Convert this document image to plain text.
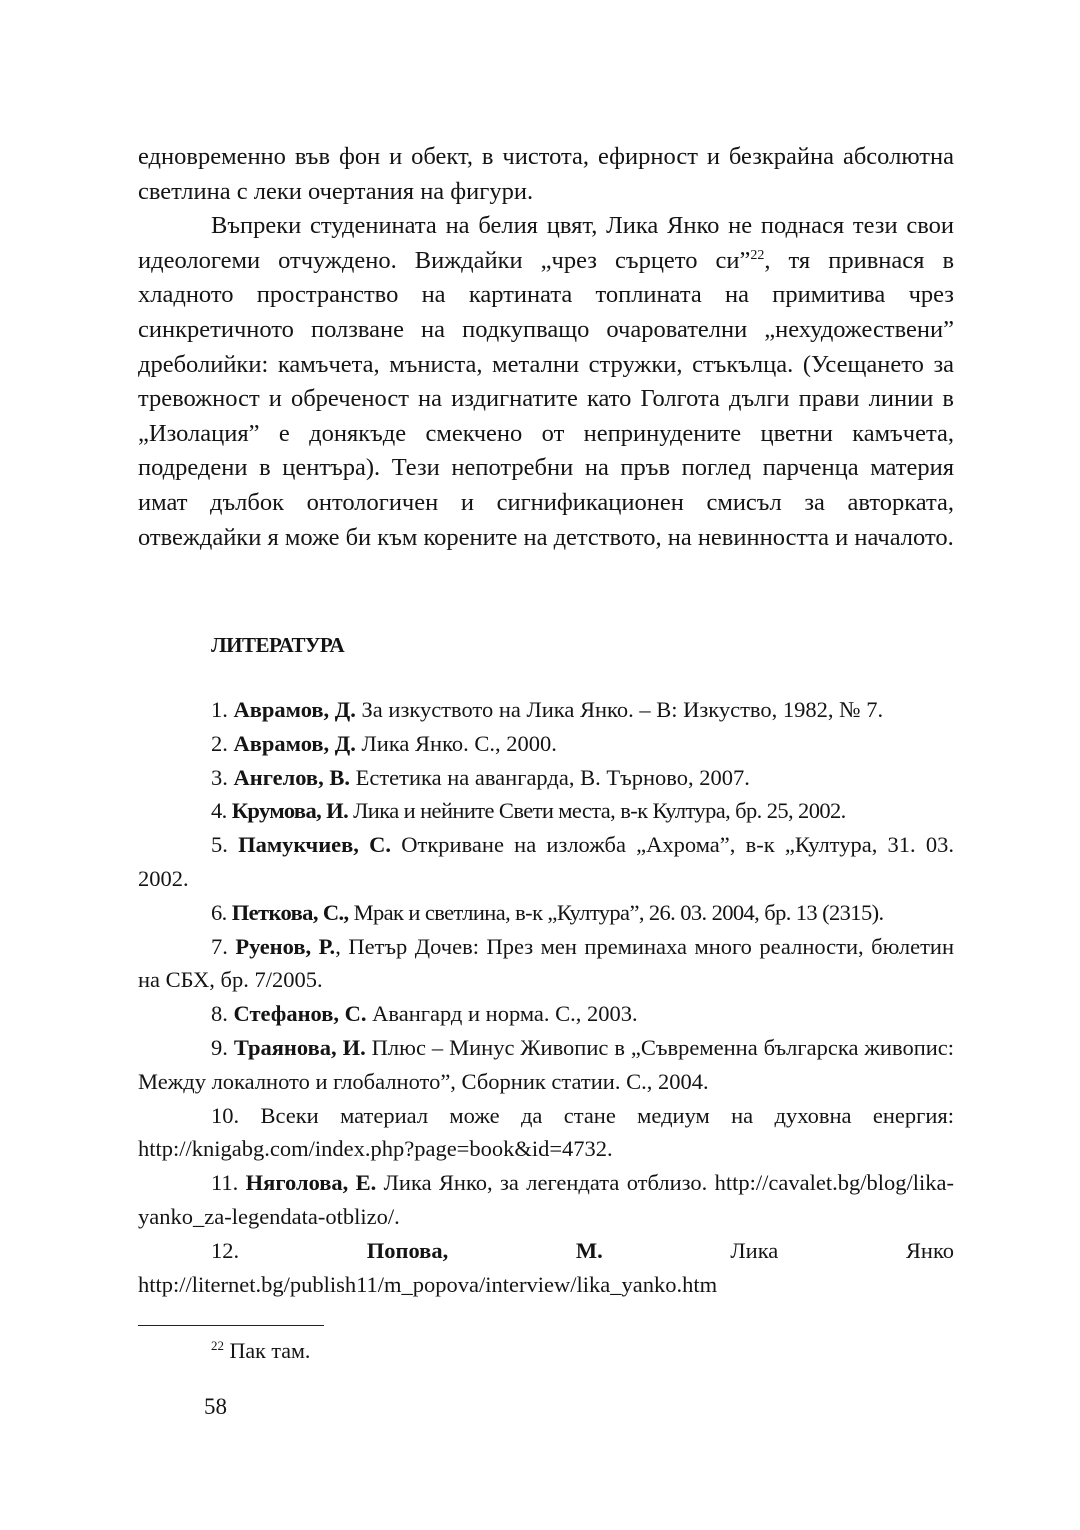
едновременно във фон и обект, в чистота, ефирност и безкрайна абсолютна светлина с леки очертания на фигури.

Въпреки студенината на белия цвят, Лика Янко не поднася тези свои идеологеми отчуждено. Виждайки „чрез сърцето си”$^{22}$, тя привнася в хладното пространство на картината топлината на примитива чрез синкретичното ползване на подкупващо очарователни „нехудожествени” дреболийки: камъчета, мъниста, метални стружки, стъкълца. (Усещането за тревожност и обреченост на издигнатите като Голгота дълги прави линии в „Изолация” е донякъде смекчено от непринудените цветни камъчета, подредени в центъра). Тези непотребни на пръв поглед парченца материя имат дълбок онтологичен и сигнификационен смисъл за авторката, отвеждайки я може би към корените на детството, на невинността и началото.

ЛИТЕРАТУРА
1. Аврамов, Д. За изкуството на Лика Янко. – В: Изкуство, 1982, № 7.
2. Аврамов, Д. Лика Янко. С., 2000.
3. Ангелов, В. Естетика на авангарда, В. Търново, 2007.
4. Крумова, И. Лика и нейните Свети места, в-к Култура, бр. 25, 2002.
5. Памукчиев, С. Откриване на изложба „Ахрома”, в-к „Култура, 31. 03. 2002.
6. Петкова, С., Мрак и светлина, в-к „Култура”, 26. 03. 2004, бр. 13 (2315).
7. Руенов, Р., Петър Дочев: През мен преминаха много реалности, бюлетин на СБХ, бр. 7/2005.
8. Стефанов, С. Авангард и норма. С., 2003.
9. Траянова, И. Плюс – Минус Живопис в „Съвременна българска живопис: Между локалното и глобалното”, Сборник статии. С., 2004.
10. Всеки материал може да стане медиум на духовна енергия: http://knigabg.com/index.php?page=book&id=4732.
11. Няголова, Е. Лика Янко, за легендата отблизо. http://cavalet.bg/blog/lika-yanko_za-legendata-otblizo/.
12.	Попова, М.	Лика Янко http://liternet.bg/publish11/m_popova/interview/lika_yanko.htm
$^{22}$ Пак там.
58
